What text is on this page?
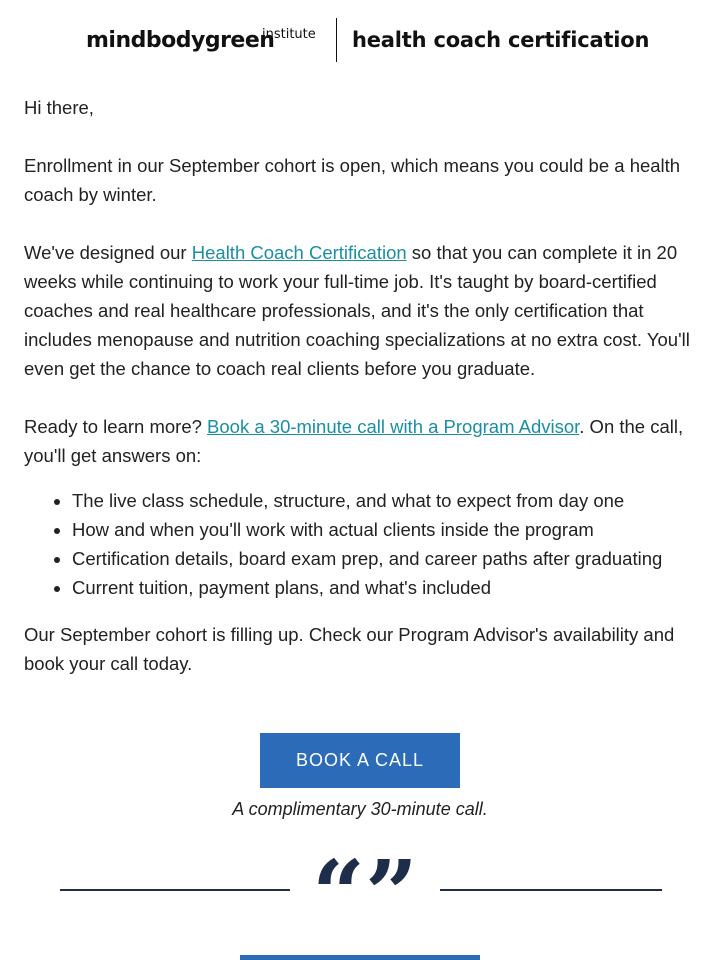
mindbodygreen
institute health coach certification

Hi there,

Enrollment in our September cohort is open, which means you could be a health coach by winter.

We've designed our Health Coach Certification so that you can complete it in 20 weeks while continuing to work your full-time job. It's taught by board-certified coaches and real healthcare professionals, and it's the only certification that includes menopause and nutrition coaching specializations at no extra cost. You'll even get the chance to coach real clients before you graduate.

Ready to learn more? Book a 30-minute call with a Program Advisor. On the call, you'll get answers on:

• The live class schedule, structure, and what to expect from day one
• How and when you'll work with actual clients inside the program
• Certification details, board exam prep, and career paths after graduating
• Current tuition, payment plans, and what's included

Our September cohort is filling up. Check our Program Advisor's availability and book your call today.

BOOK A CALL
A complimentary 30-minute call.
“”
